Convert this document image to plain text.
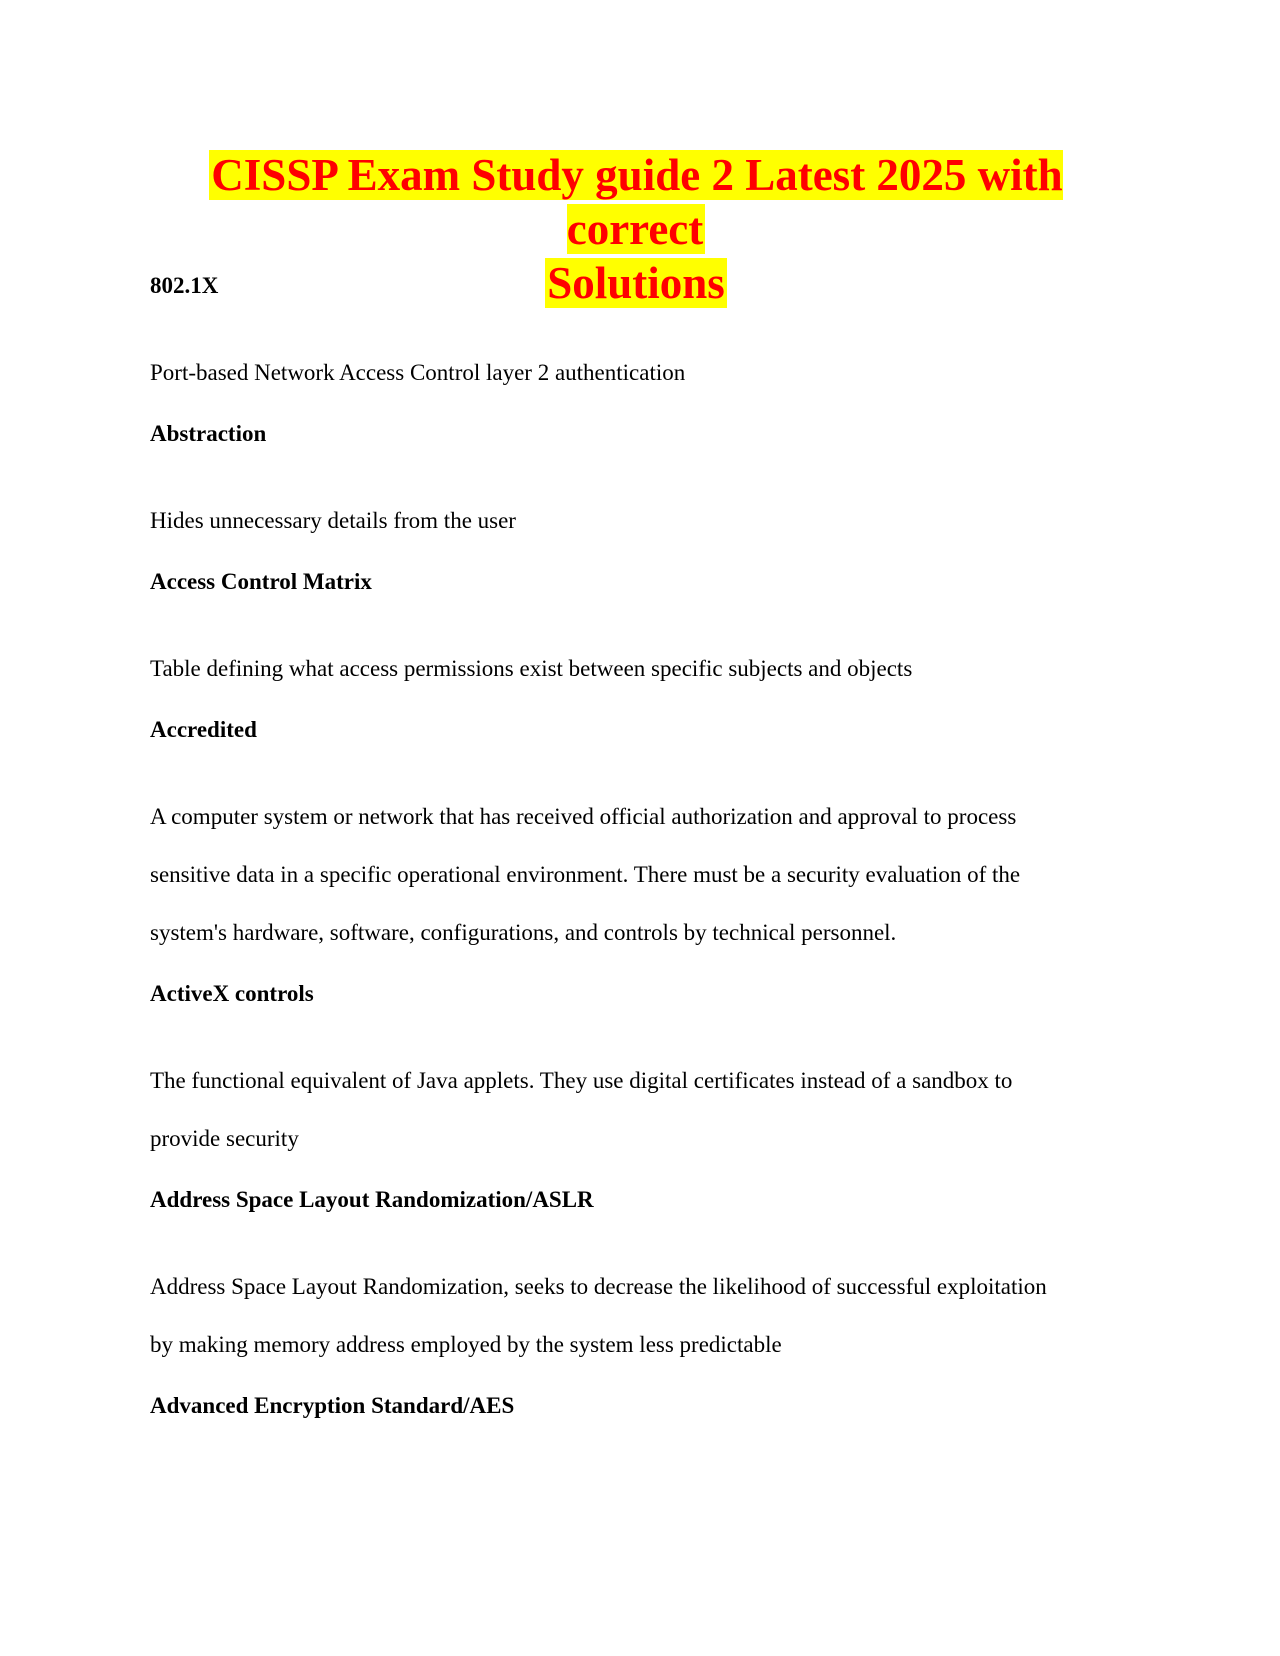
CISSP Exam Study guide 2 Latest 2025 with correct
Solutions
802.1X
Port-based Network Access Control layer 2 authentication
Abstraction
Hides unnecessary details from the user
Access Control Matrix
Table defining what access permissions exist between specific subjects and objects
Accredited
A computer system or network that has received official authorization and approval to process
sensitive data in a specific operational environment. There must be a security evaluation of the
system's hardware, software, configurations, and controls by technical personnel.
ActiveX controls
The functional equivalent of Java applets. They use digital certificates instead of a sandbox to
provide security
Address Space Layout Randomization/ASLR
Address Space Layout Randomization, seeks to decrease the likelihood of successful exploitation
by making memory address employed by the system less predictable
Advanced Encryption Standard/AES
